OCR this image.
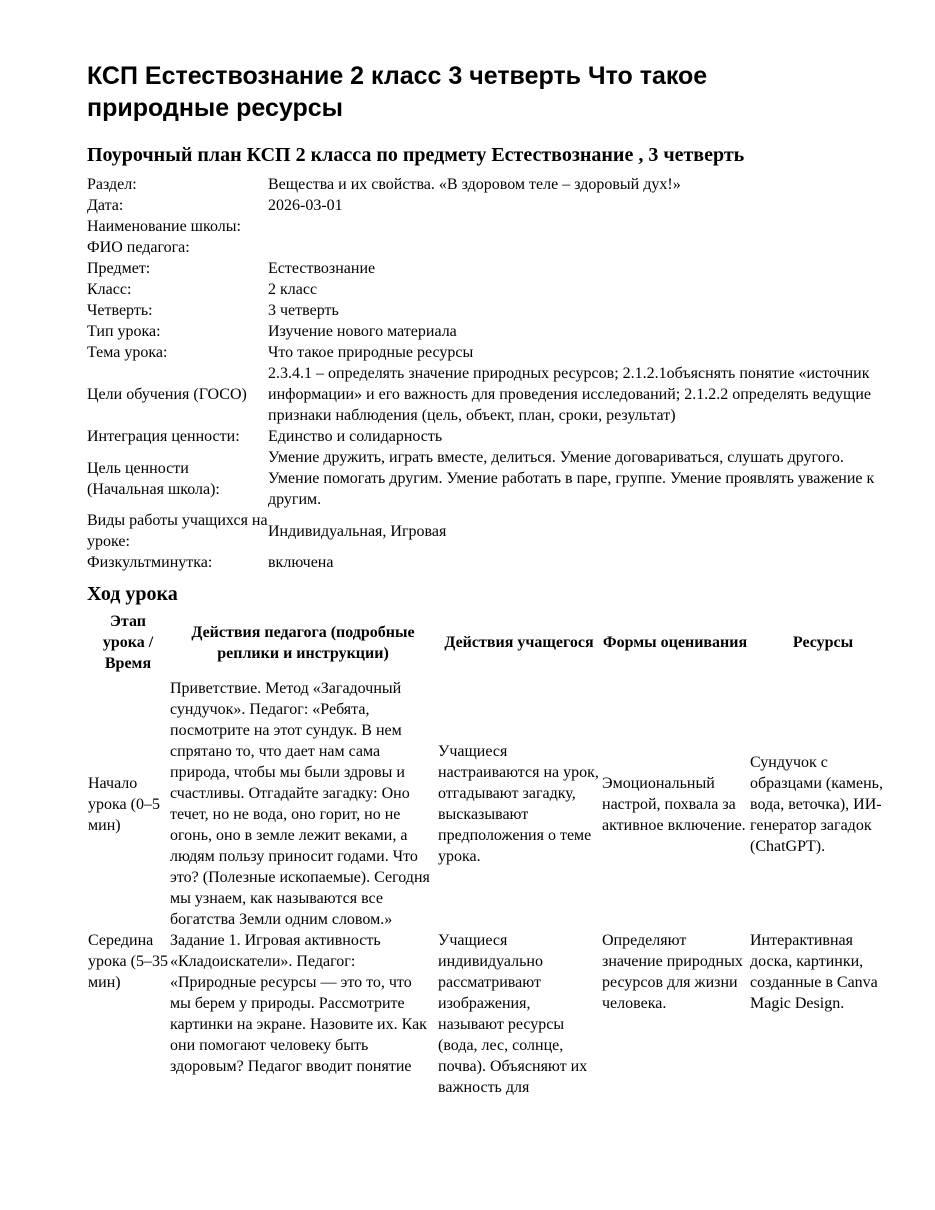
КСП Естествознание 2 класс 3 четверть Что такое природные ресурсы
Поурочный план КСП 2 класса по предмету Естествознание , 3 четверть
Раздел:	Вещества и их свойства. «В здоровом теле – здоровый дух!»
Дата:	2026-03-01
Наименование школы:	
ФИО педагога:	
Предмет:	Естествознание
Класс:	2 класс
Четверть:	3 четверть
Тип урока:	Изучение нового материала
Тема урока:	Что такое природные ресурсы
Цели обучения (ГОСО)	2.3.4.1 – определять значение природных ресурсов; 2.1.2.1объяснять понятие «источник информации» и его важность для проведения исследований; 2.1.2.2 определять ведущие признаки наблюдения (цель, объект, план, сроки, результат)
Интеграция ценности:	Единство и солидарность
Цель ценности (Начальная школа):	Умение дружить, играть вместе, делиться. Умение договариваться, слушать другого. Умение помогать другим. Умение работать в паре, группе. Умение проявлять уважение к другим.
Виды работы учащихся на уроке:	Индивидуальная, Игровая
Физкультминутка:	включена
Ход урока
Этап урока / Время	Действия педагога (подробные реплики и инструкции)	Действия учащегося	Формы оценивания	Ресурсы
Начало урока (0–5 мин)	Приветствие. Метод «Загадочный сундучок». Педагог: «Ребята, посмотрите на этот сундук. В нем спрятано то, что дает нам сама природа, чтобы мы были здровы и счастливы. Отгадайте загадку: Оно течет, но не вода, оно горит, но не огонь, оно в земле лежит веками, а людям пользу приносит годами. Что это? (Полезные ископаемые). Сегодня мы узнаем, как называются все богатства Земли одним словом.»	Учащиеся настраиваются на урок, отгадывают загадку, высказывают предположения о теме урока.	Эмоциональный настрой, похвала за активное включение.	Сундучок с образцами (камень, вода, веточка), ИИ-генератор загадок (ChatGPT).
Середина урока (5–35 мин)	Задание 1. Игровая активность «Кладоискатели». Педагог: «Природные ресурсы — это то, что мы берем у природы. Рассмотрите картинки на экране. Назовите их. Как они помогают человеку быть здоровым? Педагог вводит понятие	Учащиеся индивидуально рассматривают изображения, называют ресурсы (вода, лес, солнце, почва). Объясняют их важность для	Определяют значение природных ресурсов для жизни человека.	Интерактивная доска, картинки, созданные в Canva Magic Design.
